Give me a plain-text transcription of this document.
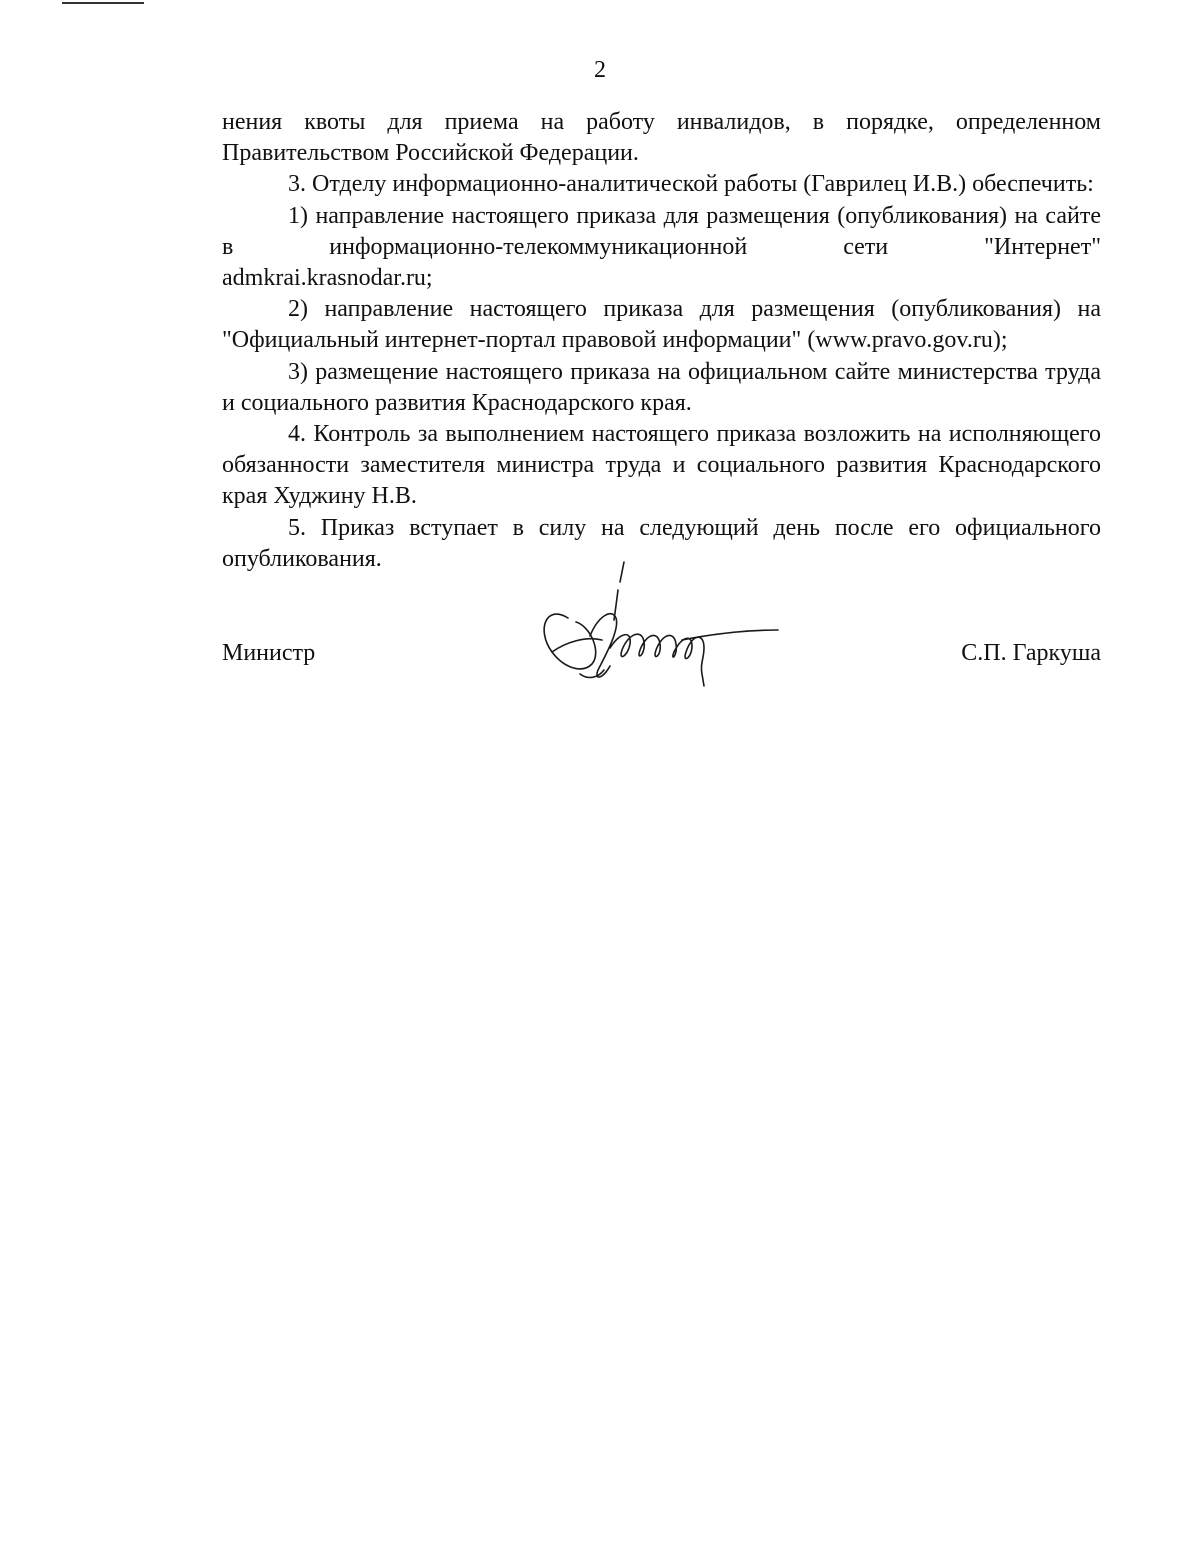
2

нения квоты для приема на работу инвалидов, в порядке, определенном Правительством Российской Федерации.

3. Отделу информационно-аналитической работы (Гаврилец И.В.) обеспечить:

1) направление настоящего приказа для размещения (опубликования) на сайте в информационно-телекоммуникационной сети "Интернет"

admkrai.krasnodar.ru;

2) направление настоящего приказа для размещения (опубликования) на "Официальный интернет-портал правовой информации" (www.pravo.gov.ru);

3) размещение настоящего приказа на официальном сайте министерства труда и социального развития Краснодарского края.

4. Контроль за выполнением настоящего приказа возложить на исполняющего обязанности заместителя министра труда и социального развития Краснодарского края Худжину Н.В.

5. Приказ вступает в силу на следующий день после его официального опубликования.

Министр	С.П. Гаркуша
